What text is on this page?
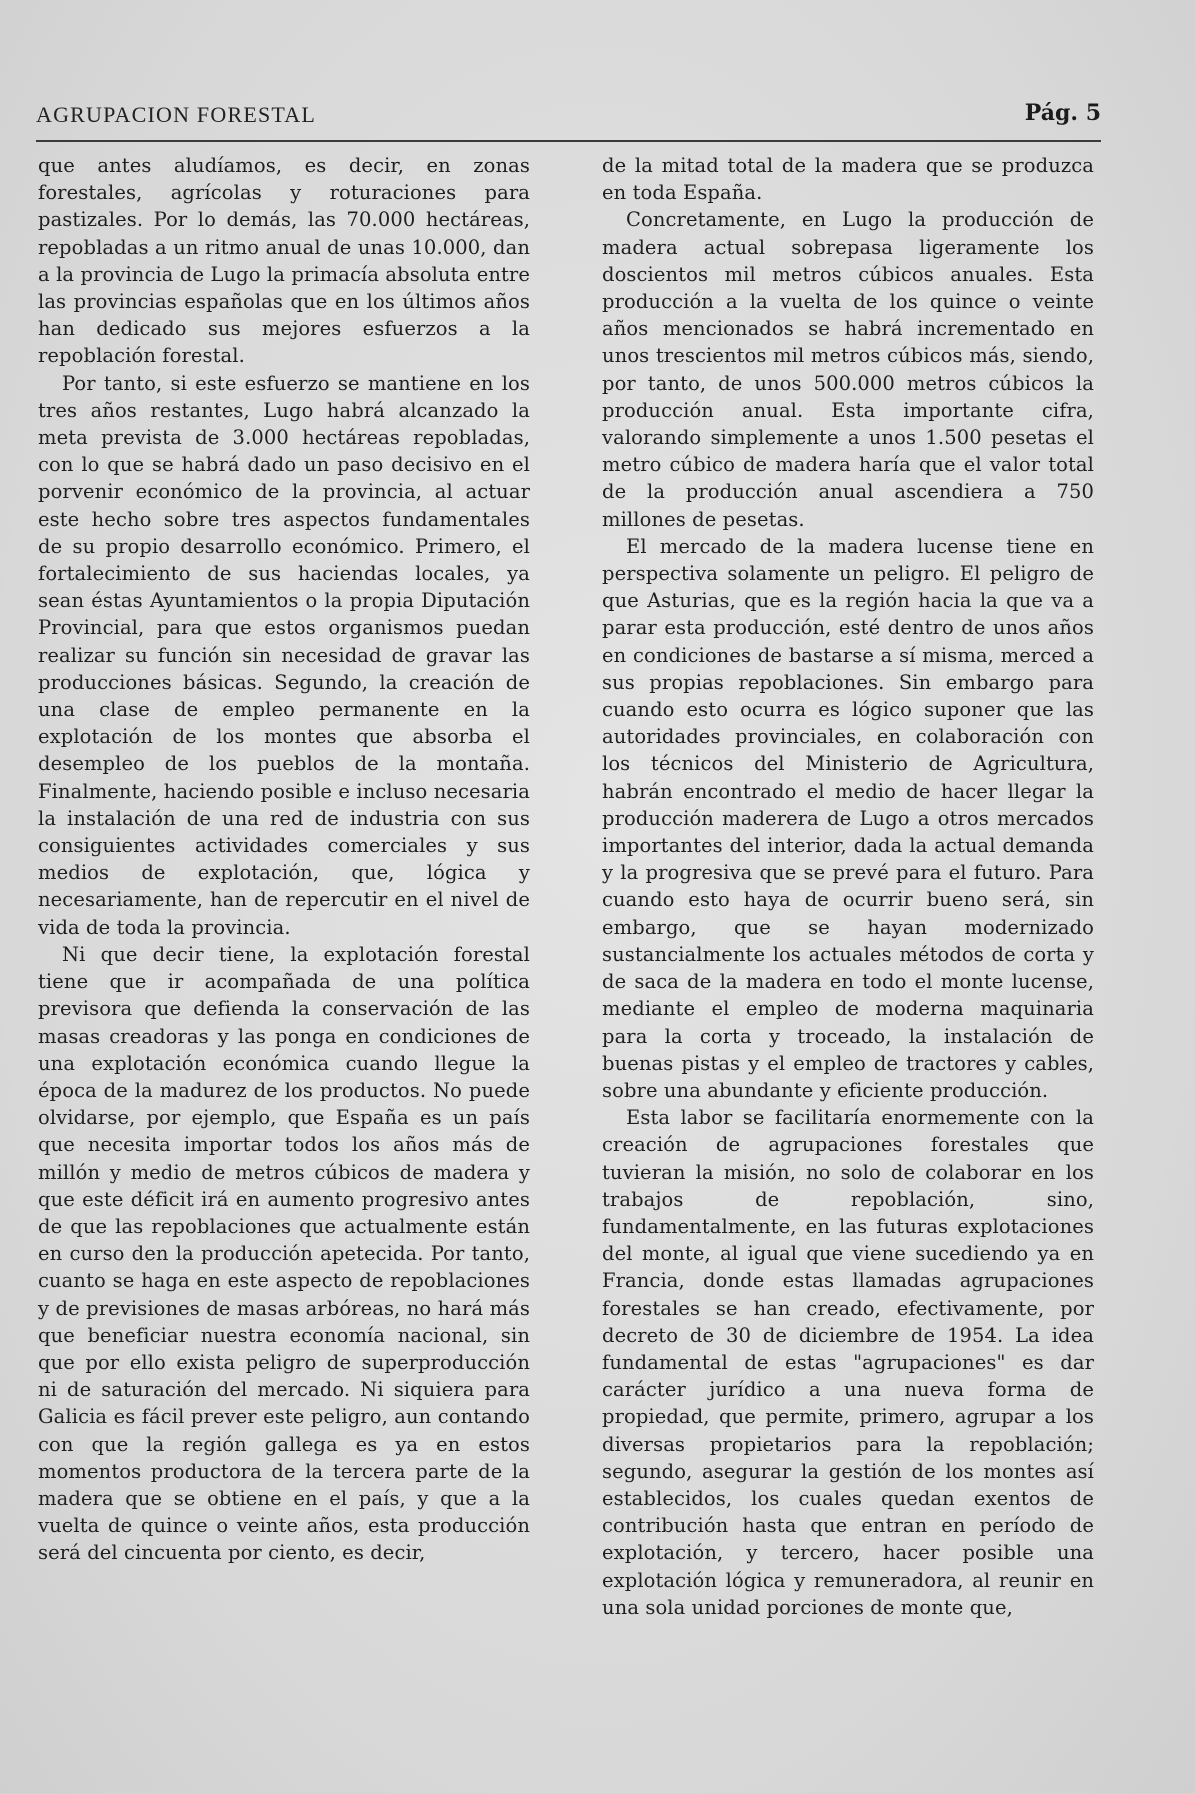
AGRUPACION FORESTAL	Pág. 5

que antes aludíamos, es decir, en zonas forestales, agrícolas y roturaciones para pastizales. Por lo demás, las 70.000 hectáreas, repobladas a un ritmo anual de unas 10.000, dan a la provincia de Lugo la primacía absoluta entre las provincias españolas que en los últimos años han dedicado sus mejores esfuerzos a la repoblación forestal.

Por tanto, si este esfuerzo se mantiene en los tres años restantes, Lugo habrá alcanzado la meta prevista de 3.000 hectáreas repobladas, con lo que se habrá dado un paso decisivo en el porvenir económico de la provincia, al actuar este hecho sobre tres aspectos fundamentales de su propio desarrollo económico. Primero, el fortalecimiento de sus haciendas locales, ya sean éstas Ayuntamientos o la propia Diputación Provincial, para que estos organismos puedan realizar su función sin necesidad de gravar las producciones básicas. Segundo, la creación de una clase de empleo permanente en la explotación de los montes que absorba el desempleo de los pueblos de la montaña. Finalmente, haciendo posible e incluso necesaria la instalación de una red de industria con sus consiguientes actividades comerciales y sus medios de explotación, que, lógica y necesariamente, han de repercutir en el nivel de vida de toda la provincia.

Ni que decir tiene, la explotación forestal tiene que ir acompañada de una política previsora que defienda la conservación de las masas creadoras y las ponga en condiciones de una explotación económica cuando llegue la época de la madurez de los productos. No puede olvidarse, por ejemplo, que España es un país que necesita importar todos los años más de millón y medio de metros cúbicos de madera y que este déficit irá en aumento progresivo antes de que las repoblaciones que actualmente están en curso den la producción apetecida. Por tanto, cuanto se haga en este aspecto de repoblaciones y de previsiones de masas arbóreas, no hará más que beneficiar nuestra economía nacional, sin que por ello exista peligro de superproducción ni de saturación del mercado. Ni siquiera para Galicia es fácil prever este peligro, aun contando con que la región gallega es ya en estos momentos productora de la tercera parte de la madera que se obtiene en el país, y que a la vuelta de quince o veinte años, esta producción será del cincuenta por ciento, es decir,

de la mitad total de la madera que se produzca en toda España.

Concretamente, en Lugo la producción de madera actual sobrepasa ligeramente los doscientos mil metros cúbicos anuales. Esta producción a la vuelta de los quince o veinte años mencionados se habrá incrementado en unos trescientos mil metros cúbicos más, siendo, por tanto, de unos 500.000 metros cúbicos la producción anual. Esta importante cifra, valorando simplemente a unos 1.500 pesetas el metro cúbico de madera haría que el valor total de la producción anual ascendiera a 750 millones de pesetas.

El mercado de la madera lucense tiene en perspectiva solamente un peligro. El peligro de que Asturias, que es la región hacia la que va a parar esta producción, esté dentro de unos años en condiciones de bastarse a sí misma, merced a sus propias repoblaciones. Sin embargo para cuando esto ocurra es lógico suponer que las autoridades provinciales, en colaboración con los técnicos del Ministerio de Agricultura, habrán encontrado el medio de hacer llegar la producción maderera de Lugo a otros mercados importantes del interior, dada la actual demanda y la progresiva que se prevé para el futuro. Para cuando esto haya de ocurrir bueno será, sin embargo, que se hayan modernizado sustancialmente los actuales métodos de corta y de saca de la madera en todo el monte lucense, mediante el empleo de moderna maquinaria para la corta y troceado, la instalación de buenas pistas y el empleo de tractores y cables, sobre una abundante y eficiente producción.

Esta labor se facilitaría enormemente con la creación de agrupaciones forestales que tuvieran la misión, no solo de colaborar en los trabajos de repoblación, sino, fundamentalmente, en las futuras explotaciones del monte, al igual que viene sucediendo ya en Francia, donde estas llamadas agrupaciones forestales se han creado, efectivamente, por decreto de 30 de diciembre de 1954. La idea fundamental de estas "agrupaciones" es dar carácter jurídico a una nueva forma de propiedad, que permite, primero, agrupar a los diversas propietarios para la repoblación; segundo, asegurar la gestión de los montes así establecidos, los cuales quedan exentos de contribución hasta que entran en período de explotación, y tercero, hacer posible una explotación lógica y remuneradora, al reunir en una sola unidad porciones de monte que,
